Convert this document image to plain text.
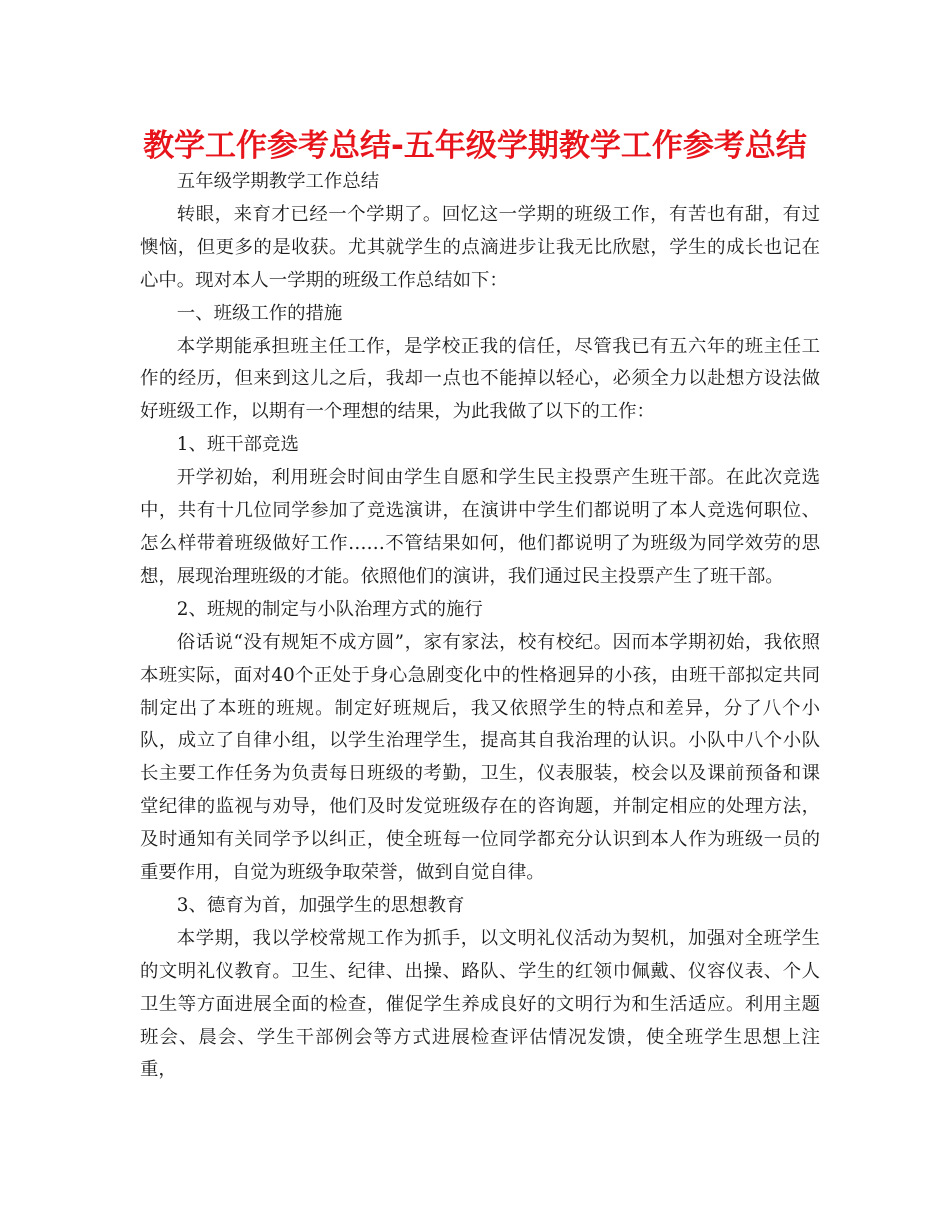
教学工作参考总结-五年级学期教学工作参考总结

五年级学期教学工作总结

转眼，来育才已经一个学期了。回忆这一学期的班级工作，有苦也有甜，有过懊恼，但更多的是收获。尤其就学生的点滴进步让我无比欣慰，学生的成长也记在心中。现对本人一学期的班级工作总结如下：

一、班级工作的措施

本学期能承担班主任工作，是学校正我的信任，尽管我已有五六年的班主任工作的经历，但来到这儿之后，我却一点也不能掉以轻心，必须全力以赴想方设法做好班级工作，以期有一个理想的结果，为此我做了以下的工作：

1、班干部竞选

开学初始，利用班会时间由学生自愿和学生民主投票产生班干部。在此次竞选中，共有十几位同学参加了竞选演讲，在演讲中学生们都说明了本人竞选何职位、怎么样带着班级做好工作……不管结果如何，他们都说明了为班级为同学效劳的思想，展现治理班级的才能。依照他们的演讲，我们通过民主投票产生了班干部。

2、班规的制定与小队治理方式的施行

俗话说“没有规矩不成方圆”，家有家法，校有校纪。因而本学期初始，我依照本班实际，面对40个正处于身心急剧变化中的性格迥异的小孩，由班干部拟定共同制定出了本班的班规。制定好班规后，我又依照学生的特点和差异，分了八个小队，成立了自律小组，以学生治理学生，提高其自我治理的认识。小队中八个小队长主要工作任务为负责每日班级的考勤，卫生，仪表服装，校会以及课前预备和课堂纪律的监视与劝导，他们及时发觉班级存在的咨询题，并制定相应的处理方法，及时通知有关同学予以纠正，使全班每一位同学都充分认识到本人作为班级一员的重要作用，自觉为班级争取荣誉，做到自觉自律。

3、德育为首，加强学生的思想教育

本学期，我以学校常规工作为抓手，以文明礼仪活动为契机，加强对全班学生的文明礼仪教育。卫生、纪律、出操、路队、学生的红领巾佩戴、仪容仪表、个人卫生等方面进展全面的检查，催促学生养成良好的文明行为和生活适应。利用主题班会、晨会、学生干部例会等方式进展检查评估情况发馈，使全班学生思想上注重，
